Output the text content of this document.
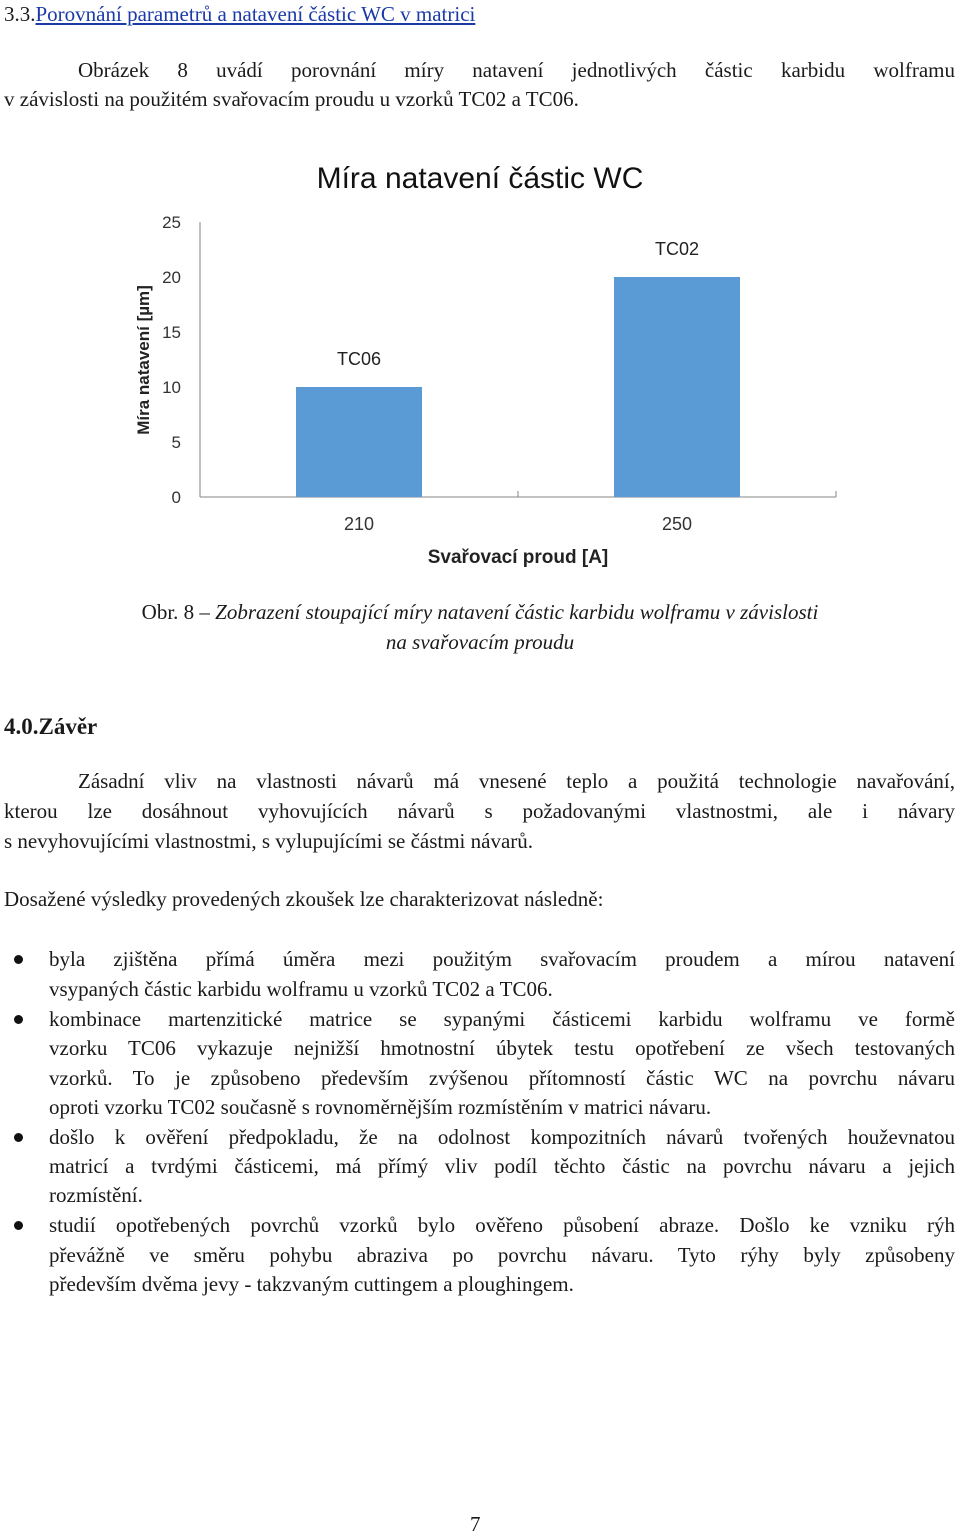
3.3.Porovnání parametrů a natavení částic WC v matrici
Obrázek 8 uvádí porovnání míry natavení jednotlivých částic karbidu wolframu
v závislosti na použitém svařovacím proudu u vzorků TC02 a TC06.
Míra natavení částic WC
Míra natavení [µm]
0
5
10
15
20
25
TC06
210
TC02
250
Svařovací proud [A]
Obr. 8 – Zobrazení stoupající míry natavení částic karbidu wolframu v závislosti
na svařovacím proudu
4.0.Závěr
Zásadní vliv na vlastnosti návarů má vnesené teplo a použitá technologie navařování,
kterou lze dosáhnout vyhovujících návarů s požadovanými vlastnostmi, ale i návary
s nevyhovujícími vlastnostmi, s vylupujícími se částmi návarů.
Dosažené výsledky provedených zkoušek lze charakterizovat následně:
byla zjištěna přímá úměra mezi použitým svařovacím proudem a mírou natavení
vsypaných částic karbidu wolframu u vzorků TC02 a TC06.
kombinace martenzitické matrice se sypanými částicemi karbidu wolframu ve formě
vzorku TC06 vykazuje nejnižší hmotnostní úbytek testu opotřebení ze všech testovaných
vzorků. To je způsobeno především zvýšenou přítomností částic WC na povrchu návaru
oproti vzorku TC02 současně s rovnoměrnějším rozmístěním v matrici návaru.
došlo k ověření předpokladu, že na odolnost kompozitních návarů tvořených houževnatou
matricí a tvrdými částicemi, má přímý vliv podíl těchto částic na povrchu návaru a jejich
rozmístění.
studií opotřebených povrchů vzorků bylo ověřeno působení abraze. Došlo ke vzniku rýh
převážně ve směru pohybu abraziva po povrchu návaru. Tyto rýhy byly způsobeny
především dvěma jevy - takzvaným cuttingem a ploughingem.
7
